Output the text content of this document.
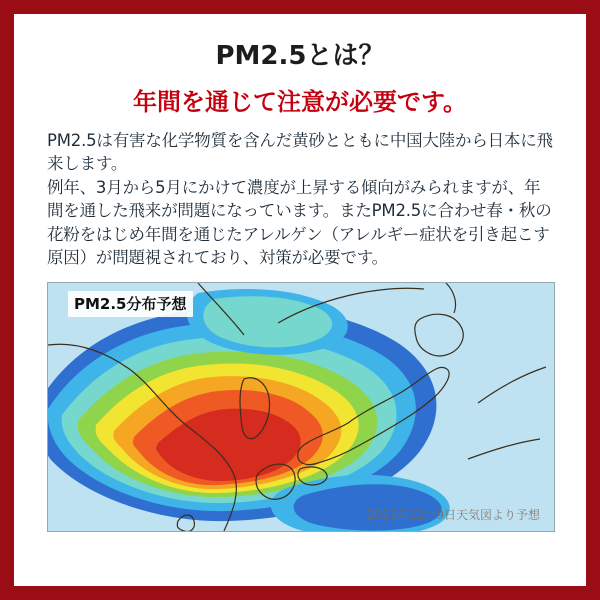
PM2.5とは？
年間を通じて注意が必要です。

PM2.5は有害な化学物質を含んだ黄砂とともに中国大陸から日本に飛来します。

例年、3月から5月にかけて濃度が上昇する傾向がみられますが、年間を通した飛来が問題になっています。またPM2.5に合わせ春・秋の花粉をはじめ年間を通じたアレルゲン（アレルギー症状を引き起こす原因）が問題視されており、対策が必要です。

PM2.5分布予想
2013年12月9日天気図より予想
